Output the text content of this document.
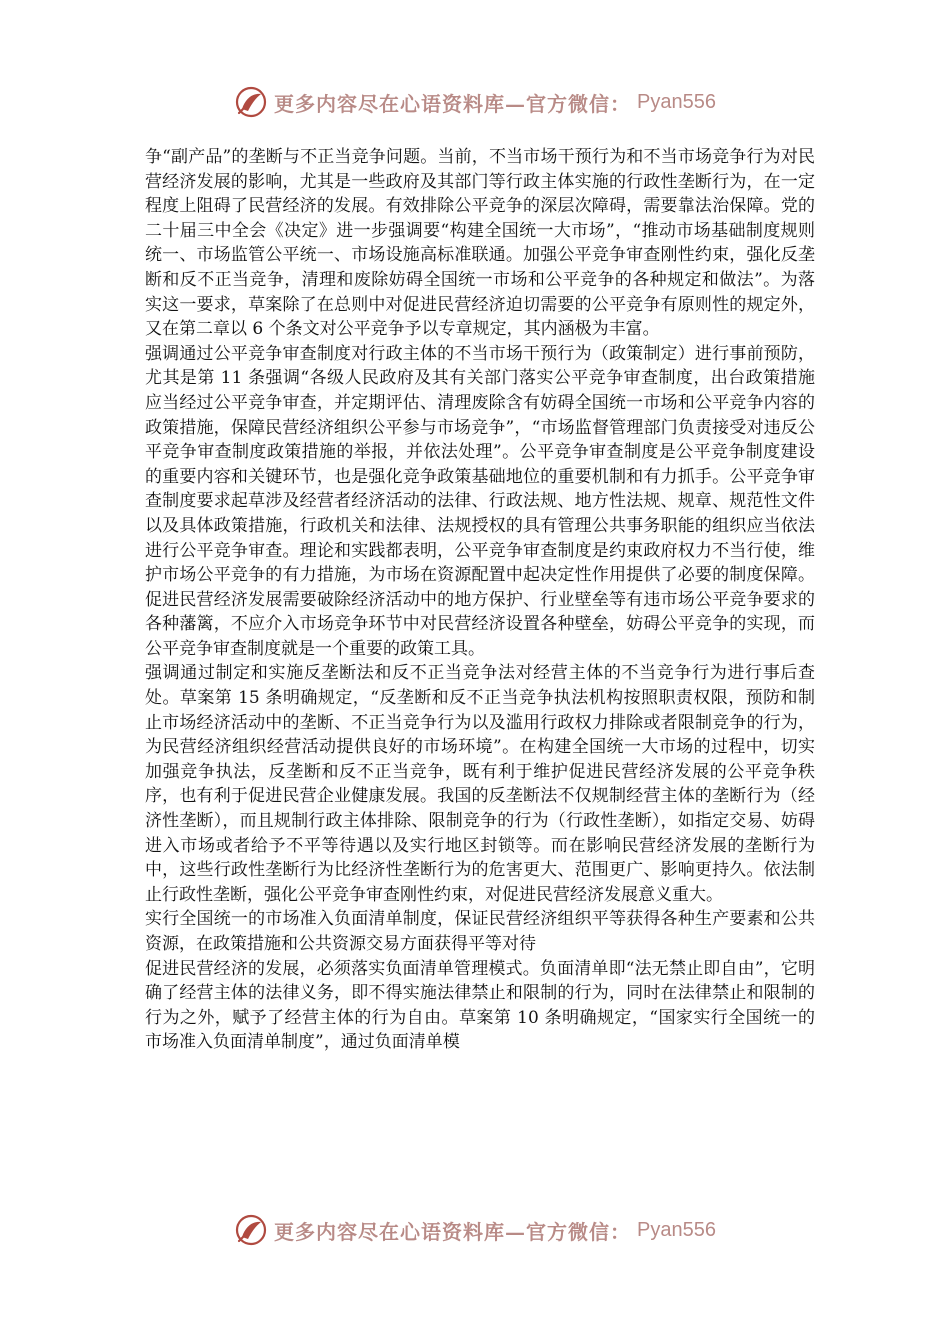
更多内容尽在心语资料库—官方微信： Pyan556

争“副产品”的垄断与不正当竞争问题。当前，不当市场干预行为和不当市场竞争行为对民营经济发展的影响，尤其是一些政府及其部门等行政主体实施的行政性垄断行为，在一定程度上阻碍了民营经济的发展。有效排除公平竞争的深层次障碍，需要靠法治保障。党的二十届三中全会《决定》进一步强调要“构建全国统一大市场”，“推动市场基础制度规则统一、市场监管公平统一、市场设施高标准联通。加强公平竞争审查刚性约束，强化反垄断和反不正当竞争，清理和废除妨碍全国统一市场和公平竞争的各种规定和做法”。为落实这一要求，草案除了在总则中对促进民营经济迫切需要的公平竞争有原则性的规定外，又在第二章以 6 个条文对公平竞争予以专章规定，其内涵极为丰富。

强调通过公平竞争审查制度对行政主体的不当市场干预行为（政策制定）进行事前预防，尤其是第 11 条强调“各级人民政府及其有关部门落实公平竞争审查制度，出台政策措施应当经过公平竞争审查，并定期评估、清理废除含有妨碍全国统一市场和公平竞争内容的政策措施，保障民营经济组织公平参与市场竞争”，“市场监督管理部门负责接受对违反公平竞争审查制度政策措施的举报，并依法处理”。公平竞争审查制度是公平竞争制度建设的重要内容和关键环节，也是强化竞争政策基础地位的重要机制和有力抓手。公平竞争审查制度要求起草涉及经营者经济活动的法律、行政法规、地方性法规、规章、规范性文件以及具体政策措施，行政机关和法律、法规授权的具有管理公共事务职能的组织应当依法进行公平竞争审查。理论和实践都表明，公平竞争审查制度是约束政府权力不当行使，维护市场公平竞争的有力措施，为市场在资源配置中起决定性作用提供了必要的制度保障。促进民营经济发展需要破除经济活动中的地方保护、行业壁垒等有违市场公平竞争要求的各种藩篱，不应介入市场竞争环节中对民营经济设置各种壁垒，妨碍公平竞争的实现，而公平竞争审查制度就是一个重要的政策工具。

强调通过制定和实施反垄断法和反不正当竞争法对经营主体的不当竞争行为进行事后查处。草案第 15 条明确规定，“反垄断和反不正当竞争执法机构按照职责权限，预防和制止市场经济活动中的垄断、不正当竞争行为以及滥用行政权力排除或者限制竞争的行为，为民营经济组织经营活动提供良好的市场环境”。在构建全国统一大市场的过程中，切实加强竞争执法，反垄断和反不正当竞争，既有利于维护促进民营经济发展的公平竞争秩序，也有利于促进民营企业健康发展。我国的反垄断法不仅规制经营主体的垄断行为（经济性垄断），而且规制行政主体排除、限制竞争的行为（行政性垄断），如指定交易、妨碍进入市场或者给予不平等待遇以及实行地区封锁等。而在影响民营经济发展的垄断行为中，这些行政性垄断行为比经济性垄断行为的危害更大、范围更广、影响更持久。依法制止行政性垄断，强化公平竞争审查刚性约束，对促进民营经济发展意义重大。

实行全国统一的市场准入负面清单制度，保证民营经济组织平等获得各种生产要素和公共资源，在政策措施和公共资源交易方面获得平等对待

促进民营经济的发展，必须落实负面清单管理模式。负面清单即“法无禁止即自由”，它明确了经营主体的法律义务，即不得实施法律禁止和限制的行为，同时在法律禁止和限制的行为之外，赋予了经营主体的行为自由。草案第 10 条明确规定，“国家实行全国统一的市场准入负面清单制度”，通过负面清单模

更多内容尽在心语资料库—官方微信： Pyan556
